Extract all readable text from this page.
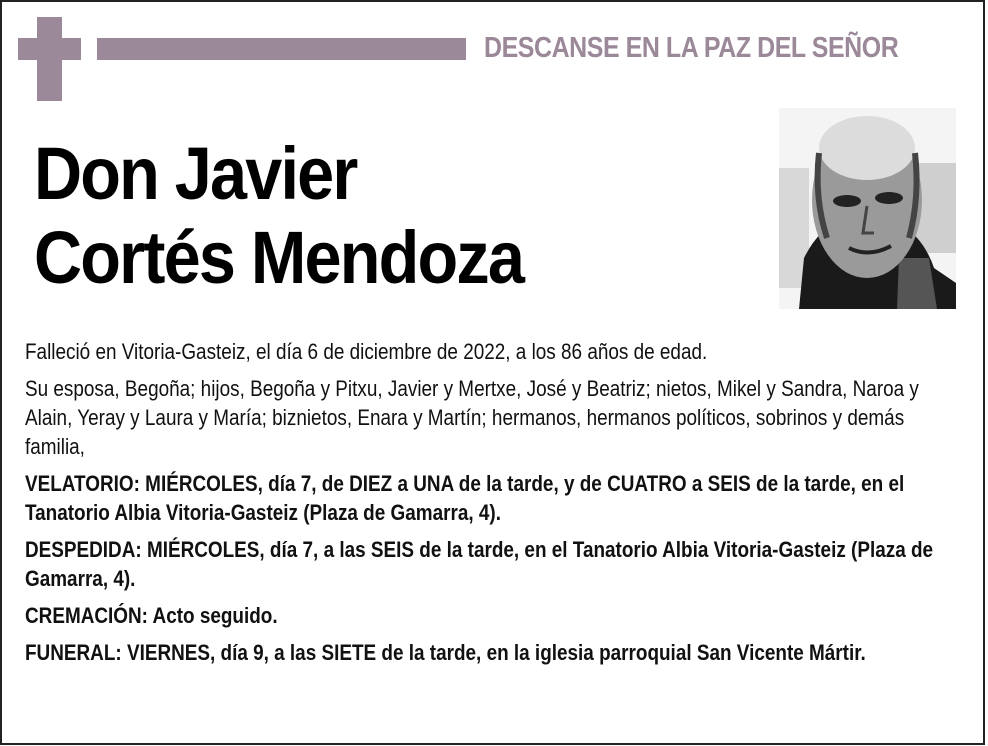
DESCANSE EN LA PAZ DEL SEÑOR
Don Javier
Cortés Mendoza

Falleció en Vitoria-Gasteiz, el día 6 de diciembre de 2022, a los 86 años de edad.

Su esposa, Begoña; hijos, Begoña y Pitxu, Javier y Mertxe, José y Beatriz; nietos, Mikel y Sandra, Naroa y Alain, Yeray y Laura y María; biznietos, Enara y Martín; hermanos, hermanos políticos, sobrinos y demás familia,

VELATORIO: MIÉRCOLES, día 7, de DIEZ a UNA de la tarde, y de CUATRO a SEIS de la tarde, en el Tanatorio Albia Vitoria-Gasteiz (Plaza de Gamarra, 4).

DESPEDIDA: MIÉRCOLES, día 7, a las SEIS de la tarde, en el Tanatorio Albia Vitoria-Gasteiz (Plaza de Gamarra, 4).

CREMACIÓN: Acto seguido.

FUNERAL: VIERNES, día 9, a las SIETE de la tarde, en la iglesia parroquial San Vicente Mártir.
